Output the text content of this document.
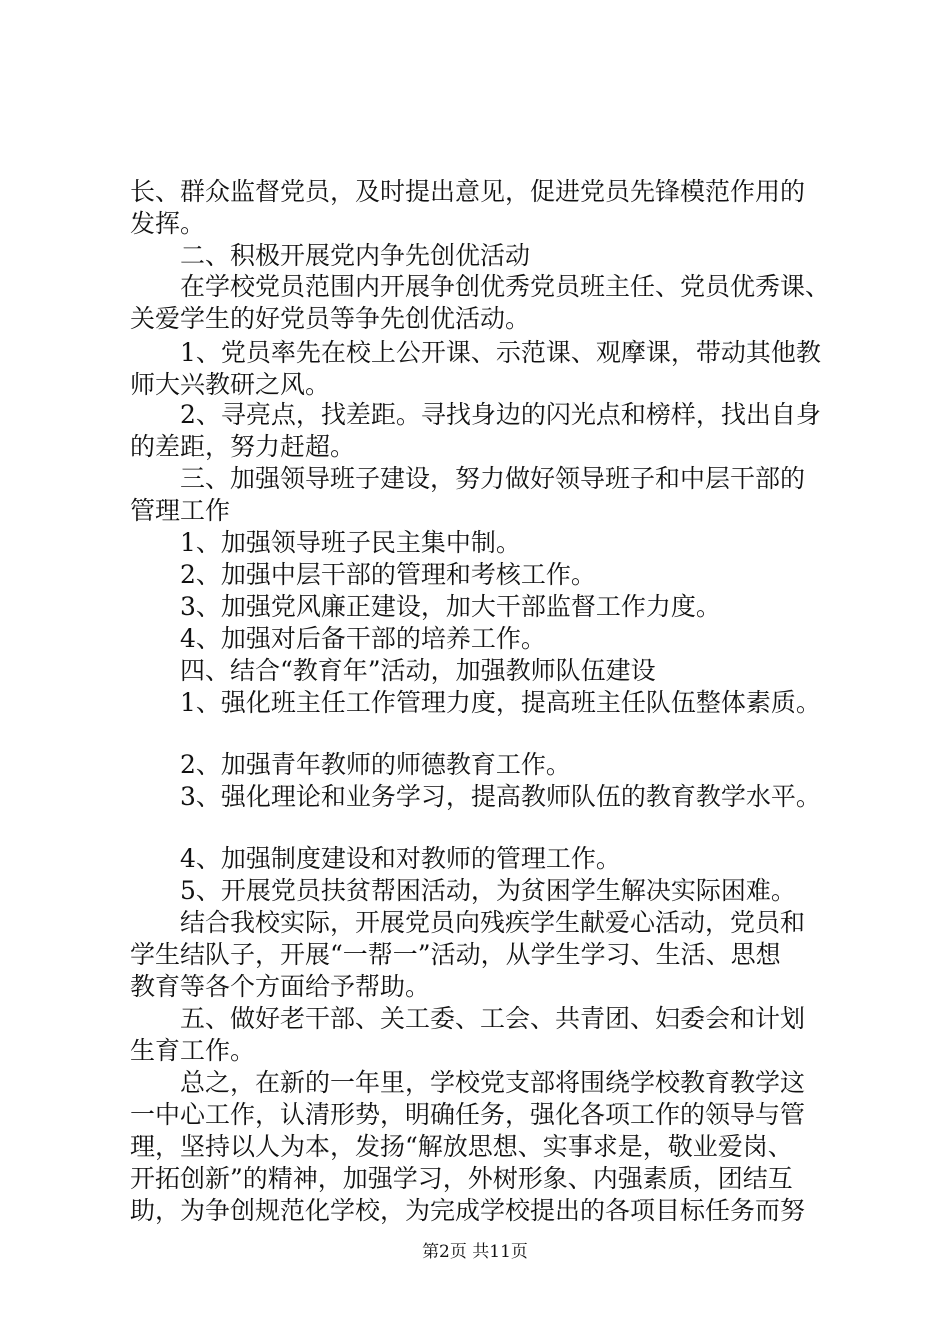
长、群众监督党员，及时提出意见，促进党员先锋模范作用的
发挥。
　　二、积极开展党内争先创优活动
　　在学校党员范围内开展争创优秀党员班主任、党员优秀课、
关爱学生的好党员等争先创优活动。
　　1、党员率先在校上公开课、示范课、观摩课，带动其他教
师大兴教研之风。
　　2、寻亮点，找差距。寻找身边的闪光点和榜样，找出自身
的差距，努力赶超。
　　三、加强领导班子建设，努力做好领导班子和中层干部的
管理工作
　　1、加强领导班子民主集中制。
　　2、加强中层干部的管理和考核工作。
　　3、加强党风廉正建设，加大干部监督工作力度。
　　4、加强对后备干部的培养工作。
　　四、结合“教育年”活动，加强教师队伍建设
　　1、强化班主任工作管理力度，提高班主任队伍整体素质。
　　2、加强青年教师的师德教育工作。
　　3、强化理论和业务学习，提高教师队伍的教育教学水平。
　　4、加强制度建设和对教师的管理工作。
　　5、开展党员扶贫帮困活动，为贫困学生解决实际困难。
　　结合我校实际，开展党员向残疾学生献爱心活动，党员和
学生结队子，开展“一帮一”活动，从学生学习、生活、思想
教育等各个方面给予帮助。
　　五、做好老干部、关工委、工会、共青团、妇委会和计划
生育工作。
　　总之，在新的一年里，学校党支部将围绕学校教育教学这
一中心工作，认清形势，明确任务，强化各项工作的领导与管
理，坚持以人为本，发扬“解放思想、实事求是，敬业爱岗、
开拓创新”的精神，加强学习，外树形象、内强素质，团结互
助，为争创规范化学校，为完成学校提出的各项目标任务而努
第2页 共11页
